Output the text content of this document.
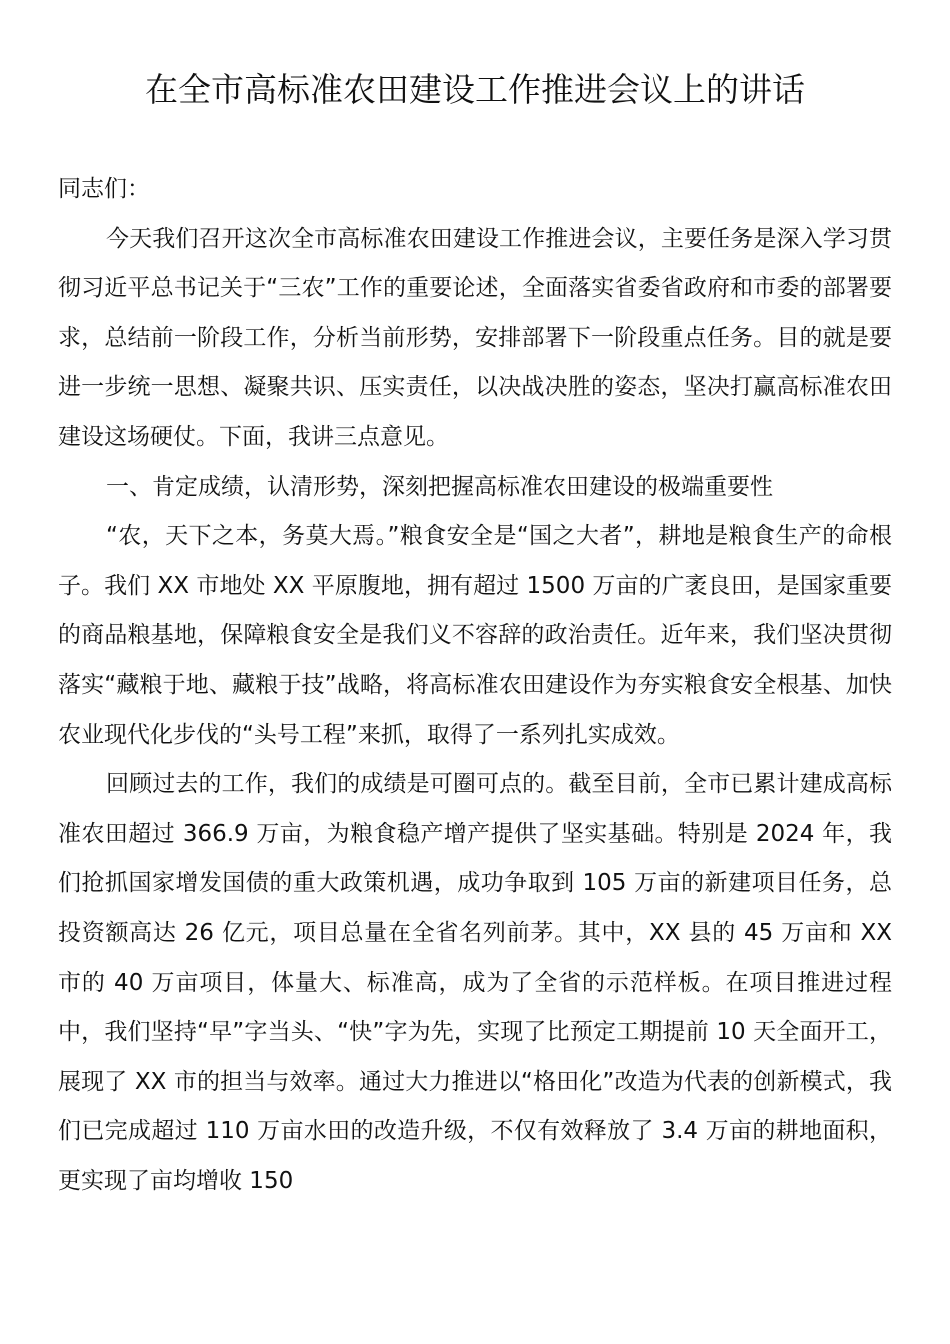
在全市高标准农田建设工作推进会议上的讲话

同志们：

今天我们召开这次全市高标准农田建设工作推进会议，主要任务是深入学习贯彻习近平总书记关于“三农”工作的重要论述，全面落实省委省政府和市委的部署要求，总结前一阶段工作，分析当前形势，安排部署下一阶段重点任务。目的就是要进一步统一思想、凝聚共识、压实责任，以决战决胜的姿态，坚决打赢高标准农田建设这场硬仗。下面，我讲三点意见。

一、肯定成绩，认清形势，深刻把握高标准农田建设的极端重要性

“农，天下之本，务莫大焉。”粮食安全是“国之大者”，耕地是粮食生产的命根子。我们 XX 市地处 XX 平原腹地，拥有超过 1500 万亩的广袤良田，是国家重要的商品粮基地，保障粮食安全是我们义不容辞的政治责任。近年来，我们坚决贯彻落实“藏粮于地、藏粮于技”战略，将高标准农田建设作为夯实粮食安全根基、加快农业现代化步伐的“头号工程”来抓，取得了一系列扎实成效。

回顾过去的工作，我们的成绩是可圈可点的。截至目前，全市已累计建成高标准农田超过 366.9 万亩，为粮食稳产增产提供了坚实基础。特别是 2024 年，我们抢抓国家增发国债的重大政策机遇，成功争取到 105 万亩的新建项目任务，总投资额高达 26 亿元，项目总量在全省名列前茅。其中，XX 县的 45 万亩和 XX 市的 40 万亩项目，体量大、标准高，成为了全省的示范样板。在项目推进过程中，我们坚持“早”字当头、“快”字为先，实现了比预定工期提前 10 天全面开工，展现了 XX 市的担当与效率。通过大力推进以“格田化”改造为代表的创新模式，我们已完成超过 110 万亩水田的改造升级，不仅有效释放了 3.4 万亩的耕地面积，更实现了亩均增收 150
